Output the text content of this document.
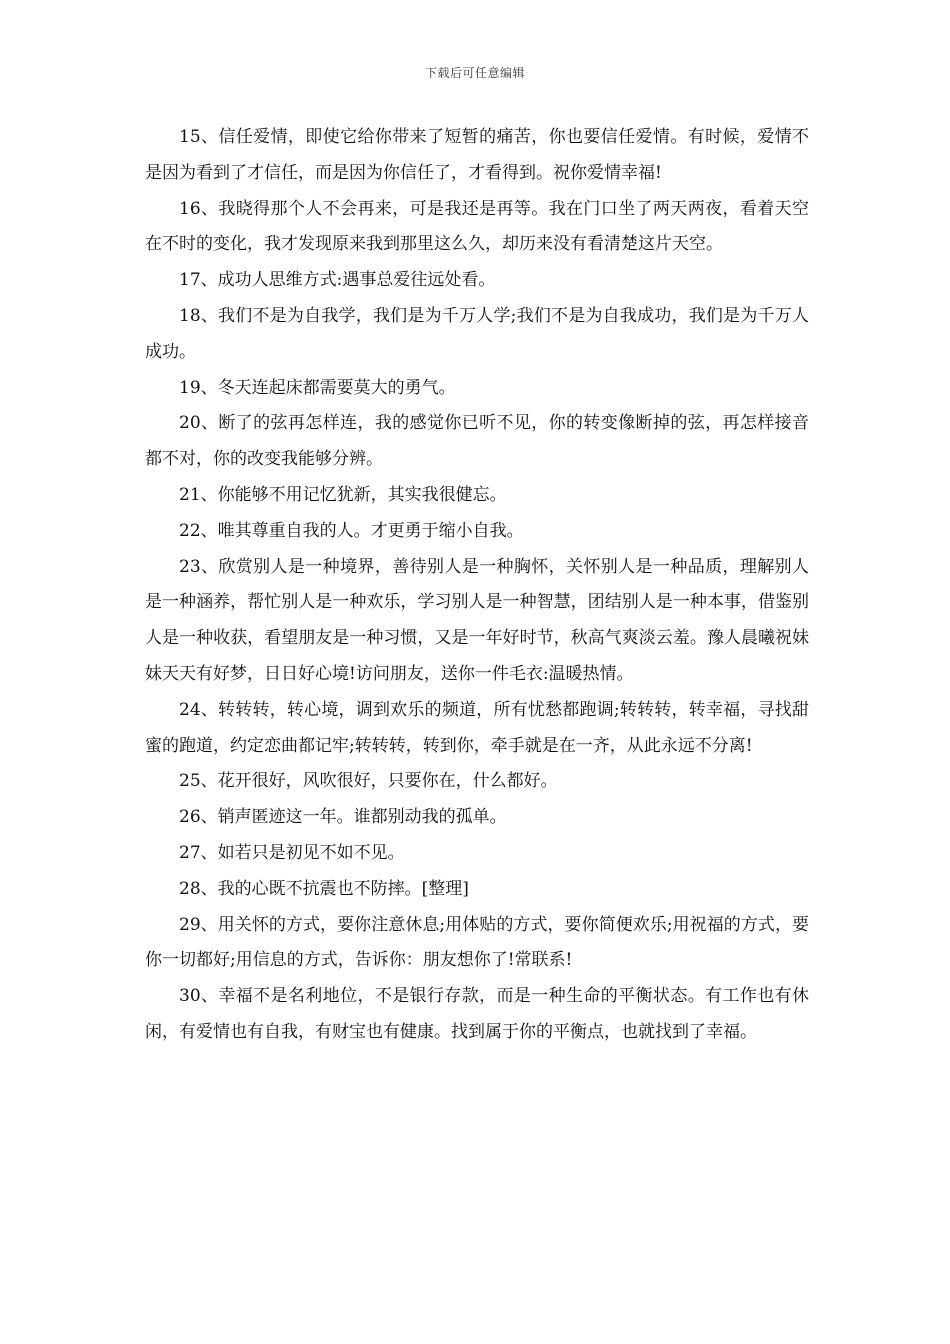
下载后可任意编辑

15、信任爱情，即使它给你带来了短暂的痛苦，你也要信任爱情。有时候，爱情不是因为看到了才信任，而是因为你信任了，才看得到。祝你爱情幸福!

16、我晓得那个人不会再来，可是我还是再等。我在门口坐了两天两夜，看着天空在不时的变化，我才发现原来我到那里这么久，却历来没有看清楚这片天空。

17、成功人思维方式:遇事总爱往远处看。

18、我们不是为自我学，我们是为千万人学;我们不是为自我成功，我们是为千万人成功。

19、冬天连起床都需要莫大的勇气。

20、断了的弦再怎样连，我的感觉你已听不见，你的转变像断掉的弦，再怎样接音都不对，你的改变我能够分辨。

21、你能够不用记忆犹新，其实我很健忘。

22、唯其尊重自我的人。才更勇于缩小自我。

23、欣赏别人是一种境界，善待别人是一种胸怀，关怀别人是一种品质，理解别人是一种涵养，帮忙别人是一种欢乐，学习别人是一种智慧，团结别人是一种本事，借鉴别人是一种收获，看望朋友是一种习惯，又是一年好时节，秋高气爽淡云羞。豫人晨曦祝妹妹天天有好梦，日日好心境!访问朋友，送你一件毛衣:温暖热情。

24、转转转，转心境，调到欢乐的频道，所有忧愁都跑调;转转转，转幸福，寻找甜蜜的跑道，约定恋曲都记牢;转转转，转到你，牵手就是在一齐，从此永远不分离!

25、花开很好，风吹很好，只要你在，什么都好。

26、销声匿迹这一年。谁都别动我的孤单。

27、如若只是初见不如不见。

28、我的心既不抗震也不防摔。[整理]

29、用关怀的方式，要你注意休息;用体贴的方式，要你简便欢乐;用祝福的方式，要你一切都好;用信息的方式，告诉你：朋友想你了!常联系!

30、幸福不是名利地位，不是银行存款，而是一种生命的平衡状态。有工作也有休闲，有爱情也有自我，有财宝也有健康。找到属于你的平衡点，也就找到了幸福。
